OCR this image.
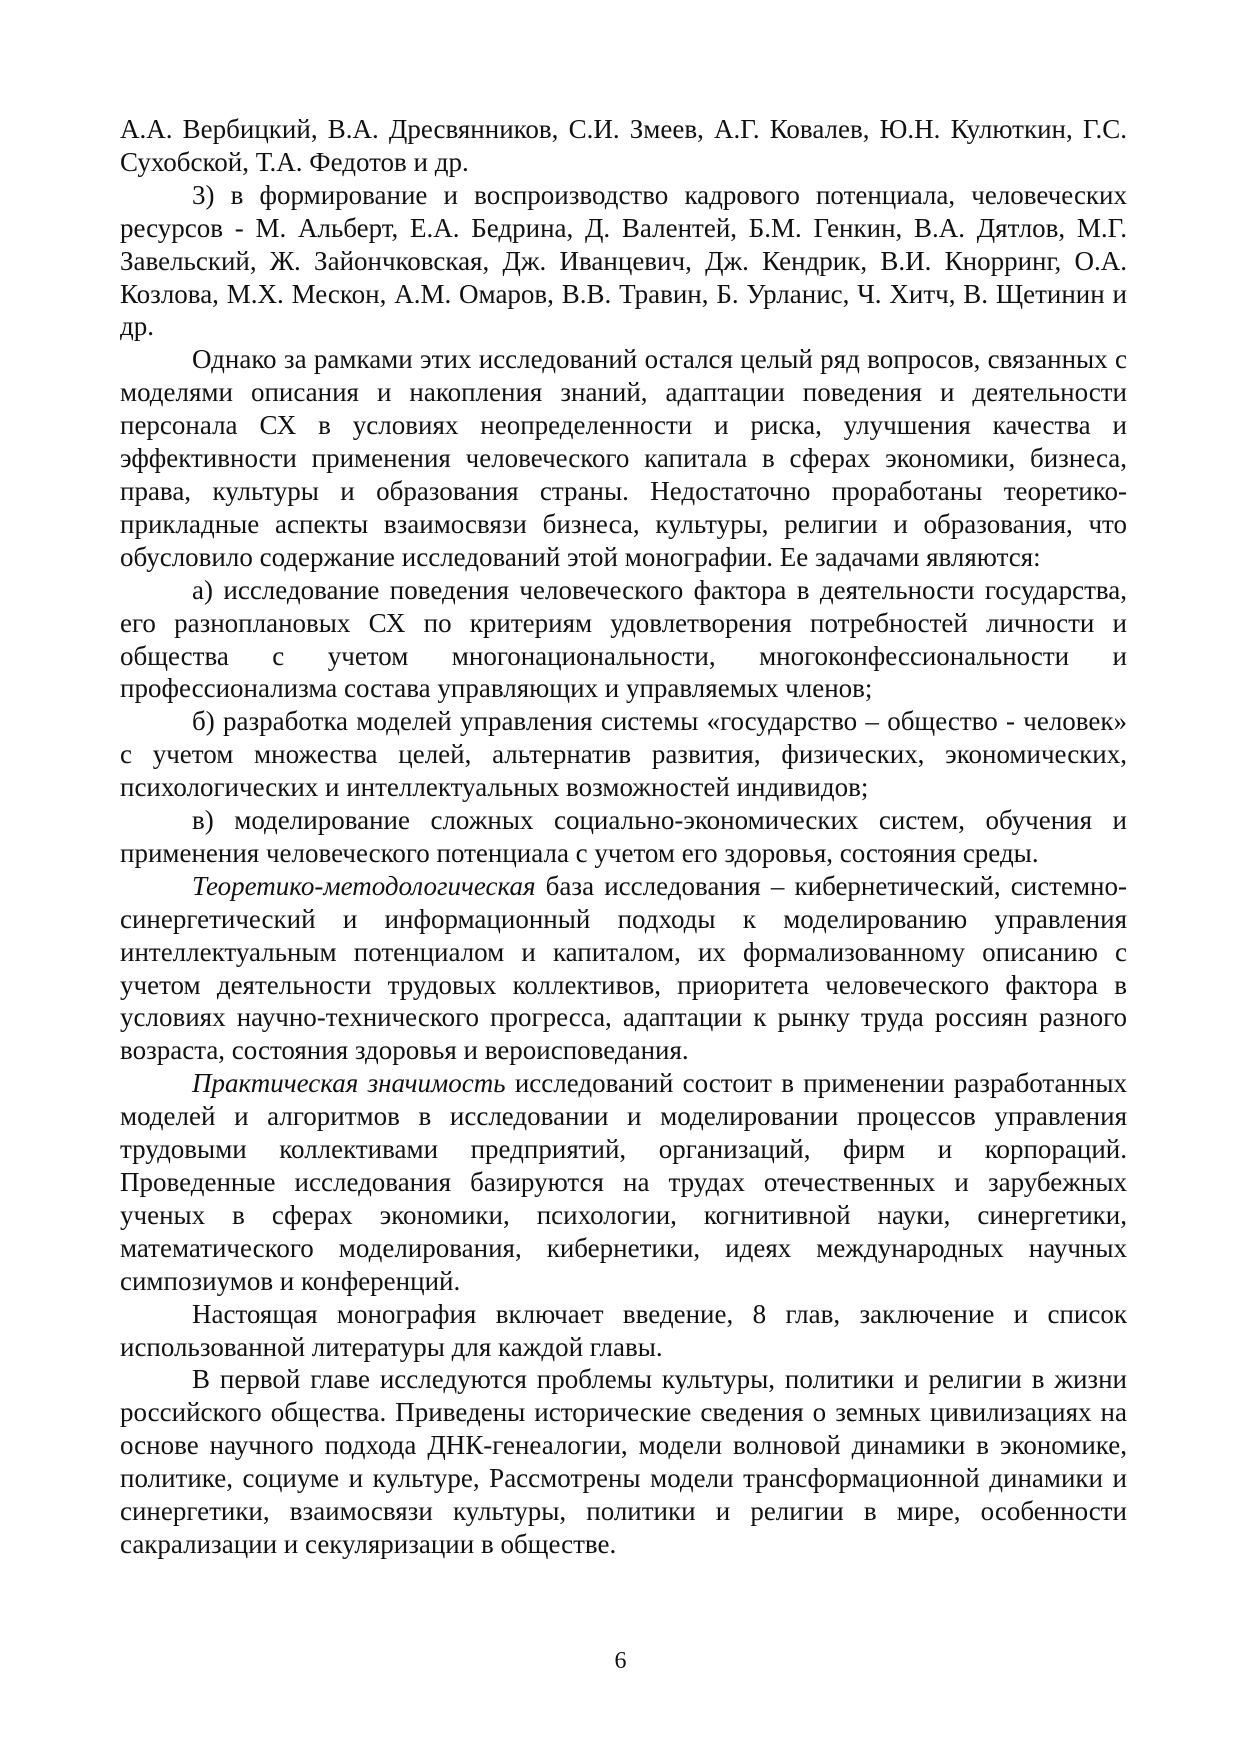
А.А. Вербицкий, В.А. Дресвянников, С.И. Змеев, А.Г. Ковалев, Ю.Н. Кулюткин, Г.С. Сухобской, Т.А. Федотов и др.

3) в формирование и воспроизводство кадрового потенциала, человеческих ресурсов - М. Альберт, Е.А. Бедрина, Д. Валентей, Б.М. Генкин, В.А. Дятлов, М.Г. Завельский, Ж. Зайончковская, Дж. Иванцевич, Дж. Кендрик, В.И. Кнорринг, О.А. Козлова, М.Х. Мескон, А.М. Омаров, В.В. Травин, Б. Урланис, Ч. Хитч, В. Щетинин и др.

Однако за рамками этих исследований остался целый ряд вопросов, связанных с моделями описания и накопления знаний, адаптации поведения и деятельности персонала СХ в условиях неопределенности и риска, улучшения качества и эффективности применения человеческого капитала в сферах экономики, бизнеса, права, культуры и образования страны. Недостаточно проработаны теоретико-прикладные аспекты взаимосвязи бизнеса, культуры, религии и образования, что обусловило содержание исследований этой монографии. Ее задачами являются:

а) исследование поведения человеческого фактора в деятельности государства, его разноплановых СХ по критериям удовлетворения потребностей личности и общества с учетом многонациональности, многоконфессиональности и профессионализма состава управляющих и управляемых членов;

б) разработка моделей управления системы «государство – общество - человек» с учетом множества целей, альтернатив развития, физических, экономических, психологических и интеллектуальных возможностей индивидов;

в) моделирование сложных социально-экономических систем, обучения и применения человеческого потенциала с учетом его здоровья, состояния среды.

Теоретико-методологическая база исследования – кибернетический, системно-синергетический и информационный подходы к моделированию управления интеллектуальным потенциалом и капиталом, их формализованному описанию с учетом деятельности трудовых коллективов, приоритета человеческого фактора в условиях научно-технического прогресса, адаптации к рынку труда россиян разного возраста, состояния здоровья и вероисповедания.

Практическая значимость исследований состоит в применении разработанных моделей и алгоритмов в исследовании и моделировании процессов управления трудовыми коллективами предприятий, организаций, фирм и корпораций. Проведенные исследования базируются на трудах отечественных и зарубежных ученых в сферах экономики, психологии, когнитивной науки, синергетики, математического моделирования, кибернетики, идеях международных научных симпозиумов и конференций.

Настоящая монография включает введение, 8 глав, заключение и список использованной литературы для каждой главы.

В первой главе исследуются проблемы культуры, политики и религии в жизни российского общества. Приведены исторические сведения о земных цивилизациях на основе научного подхода ДНК-генеалогии, модели волновой динамики в экономике, политике, социуме и культуре, Рассмотрены модели трансформационной динамики и синергетики, взаимосвязи культуры, политики и религии в мире, особенности сакрализации и секуляризации в обществе.

6
